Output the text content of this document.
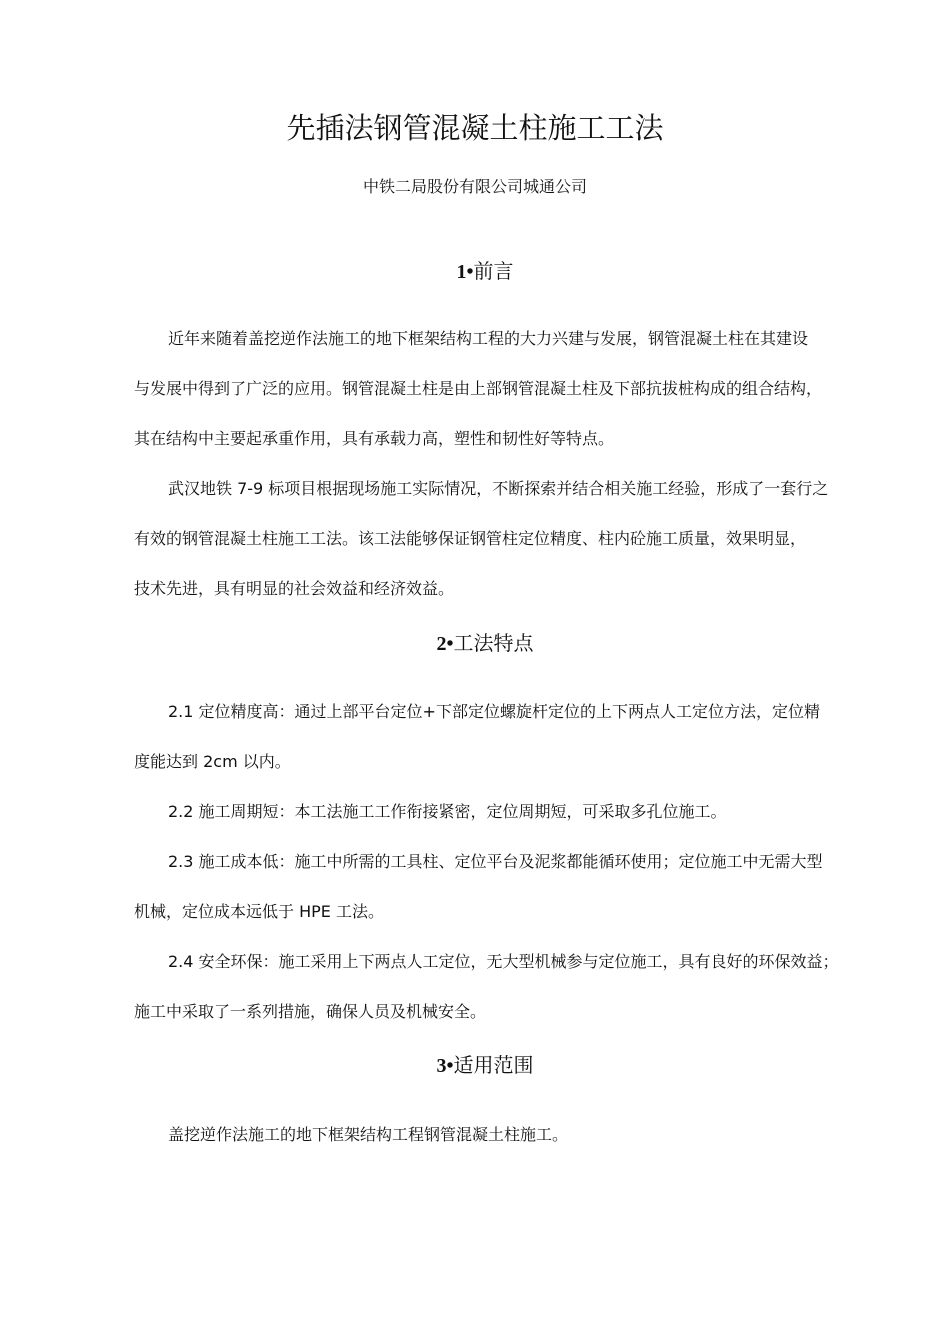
先插法钢管混凝土柱施工工法
中铁二局股份有限公司城通公司
1•前言
近年来随着盖挖逆作法施工的地下框架结构工程的大力兴建与发展，钢管混凝土柱在其建设
与发展中得到了广泛的应用。钢管混凝土柱是由上部钢管混凝土柱及下部抗拔桩构成的组合结构，
其在结构中主要起承重作用，具有承载力高，塑性和韧性好等特点。
武汉地铁 7-9 标项目根据现场施工实际情况，不断探索并结合相关施工经验，形成了一套行之
有效的钢管混凝土柱施工工法。该工法能够保证钢管柱定位精度、柱内砼施工质量，效果明显，
技术先进，具有明显的社会效益和经济效益。
2•工法特点
2.1 定位精度高：通过上部平台定位+下部定位螺旋杆定位的上下两点人工定位方法，定位精
度能达到 2cm 以内。
2.2 施工周期短：本工法施工工作衔接紧密，定位周期短，可采取多孔位施工。
2.3 施工成本低：施工中所需的工具柱、定位平台及泥浆都能循环使用；定位施工中无需大型
机械，定位成本远低于 HPE 工法。
2.4 安全环保：施工采用上下两点人工定位，无大型机械参与定位施工，具有良好的环保效益；
施工中采取了一系列措施，确保人员及机械安全。
3•适用范围
盖挖逆作法施工的地下框架结构工程钢管混凝土柱施工。
